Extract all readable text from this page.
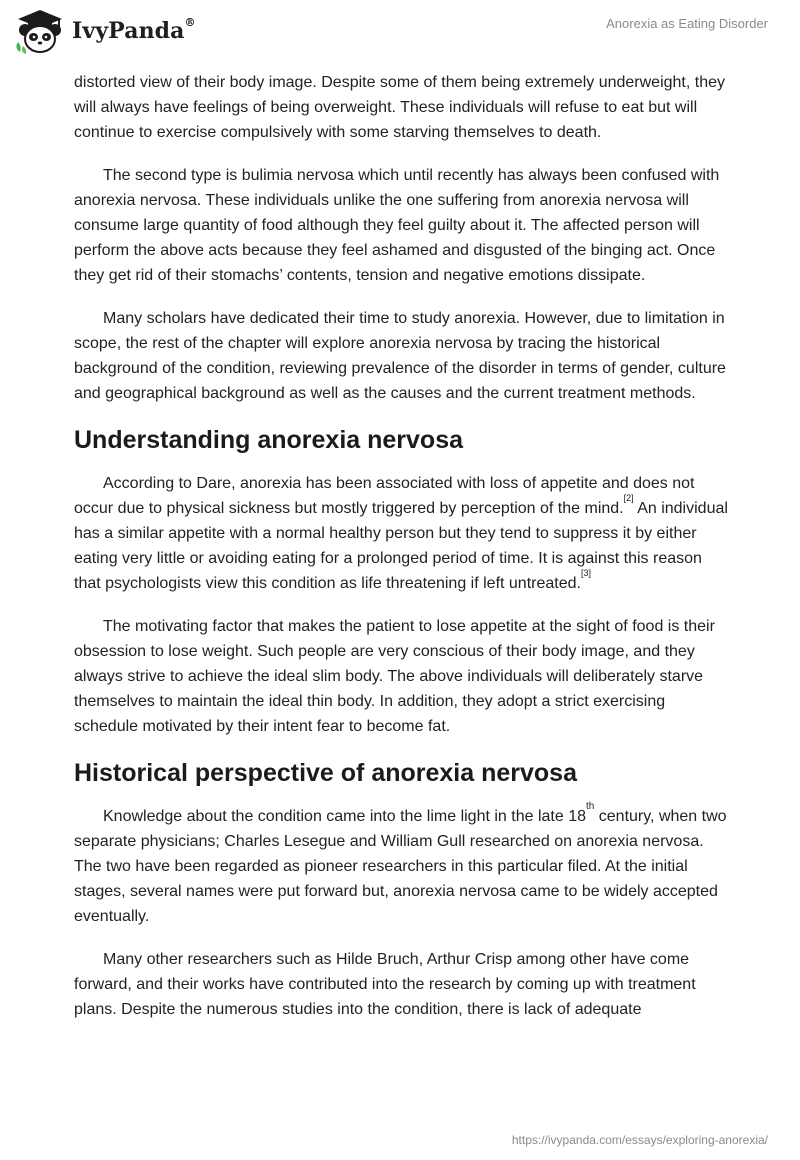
IvyPanda®	Anorexia as Eating Disorder

distorted view of their body image. Despite some of them being extremely underweight, they will always have feelings of being overweight. These individuals will refuse to eat but will continue to exercise compulsively with some starving themselves to death.

The second type is bulimia nervosa which until recently has always been confused with anorexia nervosa. These individuals unlike the one suffering from anorexia nervosa will consume large quantity of food although they feel guilty about it. The affected person will perform the above acts because they feel ashamed and disgusted of the binging act. Once they get rid of their stomachs’ contents, tension and negative emotions dissipate.

Many scholars have dedicated their time to study anorexia. However, due to limitation in scope, the rest of the chapter will explore anorexia nervosa by tracing the historical background of the condition, reviewing prevalence of the disorder in terms of gender, culture and geographical background as well as the causes and the current treatment methods.

Understanding anorexia nervosa

According to Dare, anorexia has been associated with loss of appetite and does not occur due to physical sickness but mostly triggered by perception of the mind.[2] An individual has a similar appetite with a normal healthy person but they tend to suppress it by either eating very little or avoiding eating for a prolonged period of time. It is against this reason that psychologists view this condition as life threatening if left untreated.[3]

The motivating factor that makes the patient to lose appetite at the sight of food is their obsession to lose weight. Such people are very conscious of their body image, and they always strive to achieve the ideal slim body. The above individuals will deliberately starve themselves to maintain the ideal thin body. In addition, they adopt a strict exercising schedule motivated by their intent fear to become fat.

Historical perspective of anorexia nervosa

Knowledge about the condition came into the lime light in the late 18th century, when two separate physicians; Charles Lesegue and William Gull researched on anorexia nervosa. The two have been regarded as pioneer researchers in this particular filed. At the initial stages, several names were put forward but, anorexia nervosa came to be widely accepted eventually.

Many other researchers such as Hilde Bruch, Arthur Crisp among other have come forward, and their works have contributed into the research by coming up with treatment plans. Despite the numerous studies into the condition, there is lack of adequate

https://ivypanda.com/essays/exploring-anorexia/
